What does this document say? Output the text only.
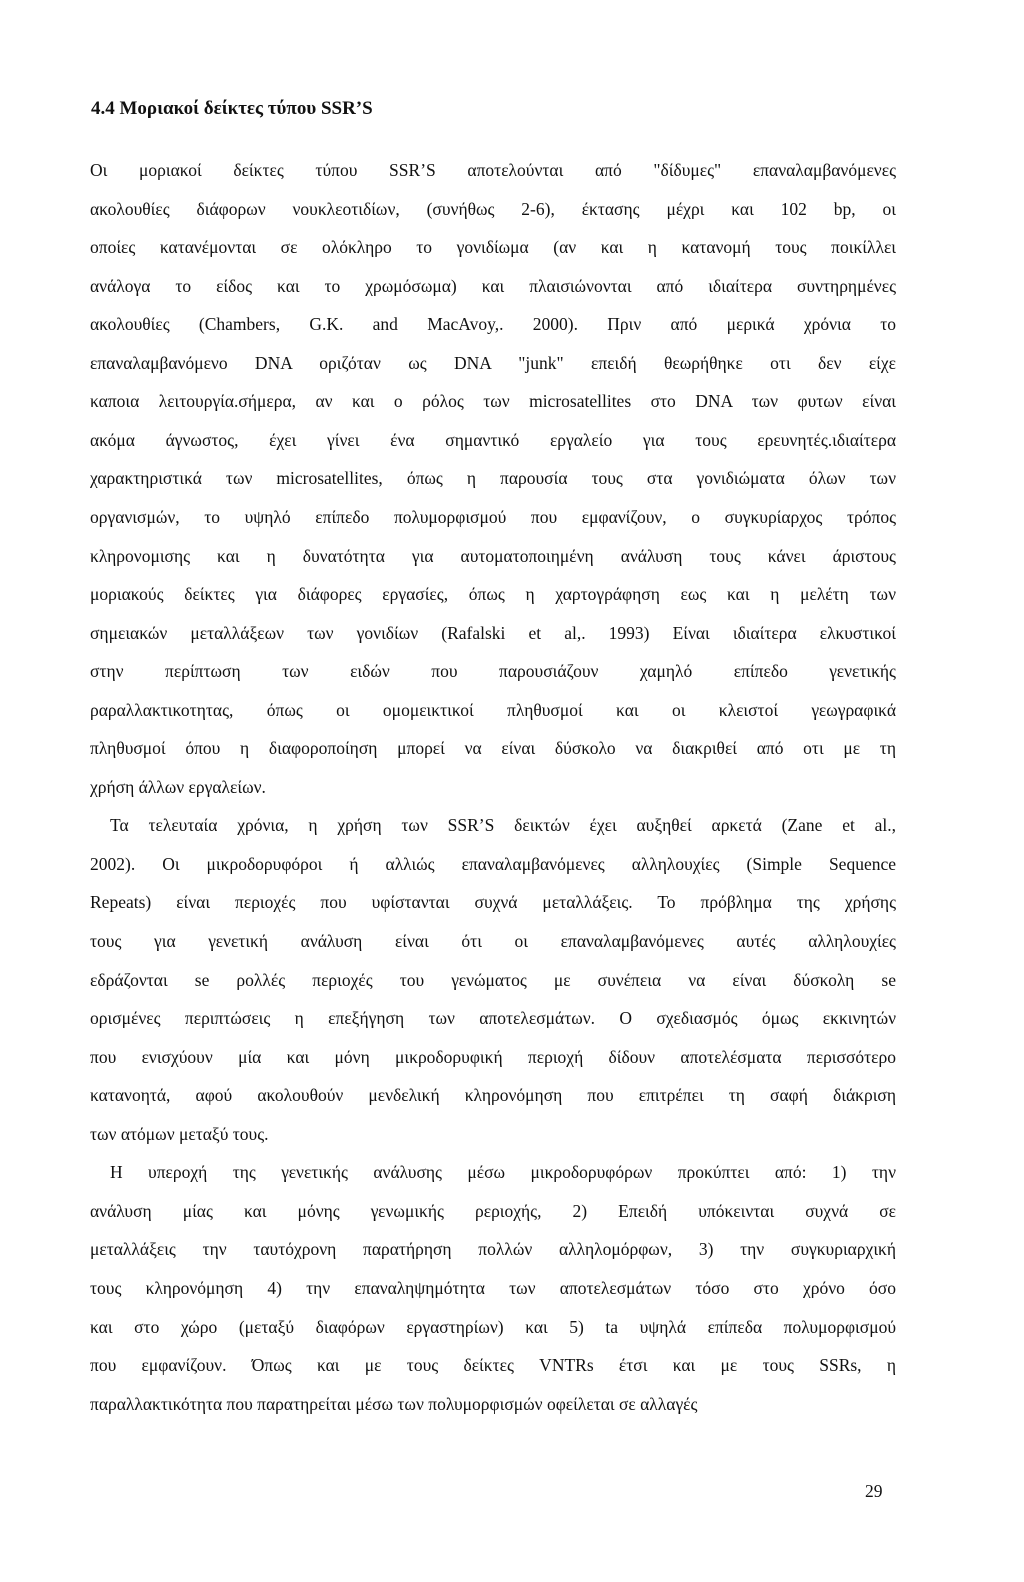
4.4 Μοριακοί δείκτες τύπου SSR’S
Οι μοριακοί δείκτες τύπου SSR’S αποτελούνται από "δίδυμες" επαναλαμβανόμενες
ακολουθίες διάφορων νουκλεοτιδίων, (συνήθως 2-6), έκτασης μέχρι και 102 bp, οι
οποίες κατανέμονται σε ολόκληρο το γονιδίωμα (αν και η κατανομή τους ποικίλλει
ανάλογα το είδος και το χρωμόσωμα) και πλαισιώνονται από ιδιαίτερα συντηρημένες
ακολουθίες (Chambers, G.K. and MacAvoy,. 2000). Πριν από μερικά χρόνια το
επαναλαμβανόμενο DNA οριζόταν ως DNA "junk" επειδή θεωρήθηκε οτι δεν είχε
καποια λειτουργία.σήμερα, αν και ο ρόλος των microsatellites στο DNA των φυτων είναι
ακόμα άγνωστος, έχει γίνει ένα σημαντικό εργαλείο για τους ερευνητές.ιδιαίτερα
χαρακτηριστικά των microsatellites, όπως η παρουσία τους στα γονιδιώματα όλων των
οργανισμών, το υψηλό επίπεδο πολυμορφισμού που εμφανίζουν, ο συγκυρίαρχος τρόπος
κληρονομισης και η δυνατότητα για αυτοματοποιημένη ανάλυση τους κάνει άριστους
μοριακούς δείκτες για διάφορες εργασίες, όπως η χαρτογράφηση εως και η μελέτη των
σημειακών μεταλλάξεων των γονιδίων (Rafalski et al,. 1993) Είναι ιδιαίτερα ελκυστικοί
στην περίπτωση των ειδών που παρουσιάζουν χαμηλό επίπεδο γενετικής
ραραλλακτικοτητας, όπως οι ομομεικτικοί πληθυσμοί και οι κλειστοί γεωγραφικά
πληθυσμοί όπου η διαφοροποίηση μπορεί να είναι δύσκολο να διακριθεί από οτι με τη
χρήση άλλων εργαλείων.
Τα τελευταία χρόνια, η χρήση των SSR’S δεικτών έχει αυξηθεί αρκετά (Zane et al.,
2002). Οι μικροδορυφόροι ή αλλιώς επαναλαμβανόμενες αλληλουχίες (Simple Sequence
Repeats) είναι περιοχές που υφίστανται συχνά μεταλλάξεις. Το πρόβλημα της χρήσης
τους για γενετική ανάλυση είναι ότι οι επαναλαμβανόμενες αυτές αλληλουχίες
εδράζονται se ρολλές περιοχές του γενώματος με συνέπεια να είναι δύσκολη se
ορισμένες περιπτώσεις η επεξήγηση των αποτελεσμάτων. Ο σχεδιασμός όμως εκκινητών
που ενισχύουν μία και μόνη μικροδορυφική περιοχή δίδουν αποτελέσματα περισσότερο
κατανοητά, αφού ακολουθούν μενδελική κληρονόμηση που επιτρέπει τη σαφή διάκριση
των ατόμων μεταξύ τους.
Η υπεροχή της γενετικής ανάλυσης μέσω μικροδορυφόρων προκύπτει από: 1) την
ανάλυση μίας και μόνης γενωμικής ρεριοχής, 2) Επειδή υπόκεινται συχνά σε
μεταλλάξεις την ταυτόχρονη παρατήρηση πολλών αλληλομόρφων, 3) την συγκυριαρχική
τους κληρονόμηση 4) την επαναληψημότητα των αποτελεσμάτων τόσο στο χρόνο όσο
και στο χώρο (μεταξύ διαφόρων εργαστηρίων) και 5) ta υψηλά επίπεδα πολυμορφισμού
που εμφανίζουν. Όπως και με τους δείκτες VNTRs έτσι και με τους SSRs, η
παραλλακτικότητα που παρατηρείται μέσω των πολυμορφισμών οφείλεται σε αλλαγές
29
